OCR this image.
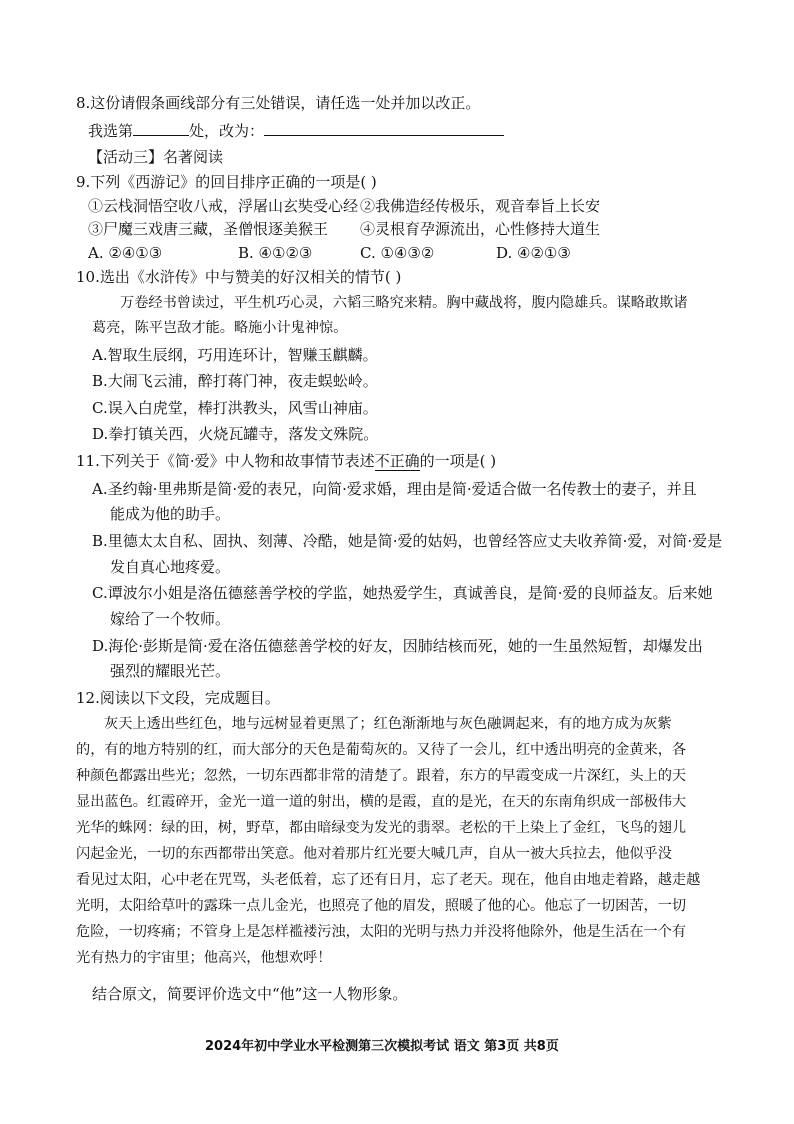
8.这份请假条画线部分有三处错误，请任选一处并加以改正。
我选第	处，改为：
【活动三】名著阅读
9.下列《西游记》的回目排序正确的一项是( )
①云栈洞悟空收八戒，浮屠山玄奘受心经 ②我佛造经传极乐，观音奉旨上长安
③尸魔三戏唐三藏，圣僧恨逐美猴王 ④灵根育孕源流出，心性修持大道生
A. ②④①③	B. ④①②③	C. ①④③②	D. ④②①③
10.选出《水浒传》中与赞美的好汉相关的情节( )
万卷经书曾读过，平生机巧心灵，六韬三略究来精。胸中藏战将，腹内隐雄兵。谋略敢欺诸
葛亮，陈平岂敌才能。略施小计鬼神惊。
A.智取生辰纲，巧用连环计，智赚玉麒麟。
B.大闹飞云浦，醉打蒋门神，夜走蜈蚣岭。
C.误入白虎堂，棒打洪教头，风雪山神庙。
D.拳打镇关西，火烧瓦罐寺，落发文殊院。
11.下列关于《简·爱》中人物和故事情节表述不正确的一项是( )
A.圣约翰·里弗斯是简·爱的表兄，向简·爱求婚，理由是简·爱适合做一名传教士的妻子，并且
能成为他的助手。
B.里德太太自私、固执、刻薄、冷酷，她是简·爱的姑妈，也曾经答应丈夫收养简·爱，对简·爱是
发自真心地疼爱。
C.谭波尔小姐是洛伍德慈善学校的学监，她热爱学生，真诚善良，是简·爱的良师益友。后来她
嫁给了一个牧师。
D.海伦·彭斯是简·爱在洛伍德慈善学校的好友，因肺结核而死，她的一生虽然短暂，却爆发出
强烈的耀眼光芒。
12.阅读以下文段，完成题目。
灰天上透出些红色，地与远树显着更黑了；红色渐渐地与灰色融调起来，有的地方成为灰紫
的，有的地方特别的红，而大部分的天色是葡萄灰的。又待了一会儿，红中透出明亮的金黄来，各
种颜色都露出些光；忽然，一切东西都非常的清楚了。跟着，东方的早霞变成一片深红，头上的天
显出蓝色。红霞碎开，金光一道一道的射出，横的是霞，直的是光，在天的东南角织成一部极伟大
光华的蛛网：绿的田，树，野草，都由暗绿变为发光的翡翠。老松的干上染上了金红，飞鸟的翅儿
闪起金光，一切的东西都带出笑意。他对着那片红光要大喊几声，自从一被大兵拉去，他似乎没
看见过太阳，心中老在咒骂，头老低着，忘了还有日月，忘了老天。现在，他自由地走着路，越走越
光明，太阳给草叶的露珠一点儿金光，也照亮了他的眉发，照暖了他的心。他忘了一切困苦，一切
危险，一切疼痛；不管身上是怎样褴褛污浊，太阳的光明与热力并没将他除外，他是生活在一个有
光有热力的宇宙里；他高兴，他想欢呼！
结合原文，简要评价选文中“他”这一人物形象。
2024年初中学业水平检测第三次模拟考试 语文 第3页 共8页
